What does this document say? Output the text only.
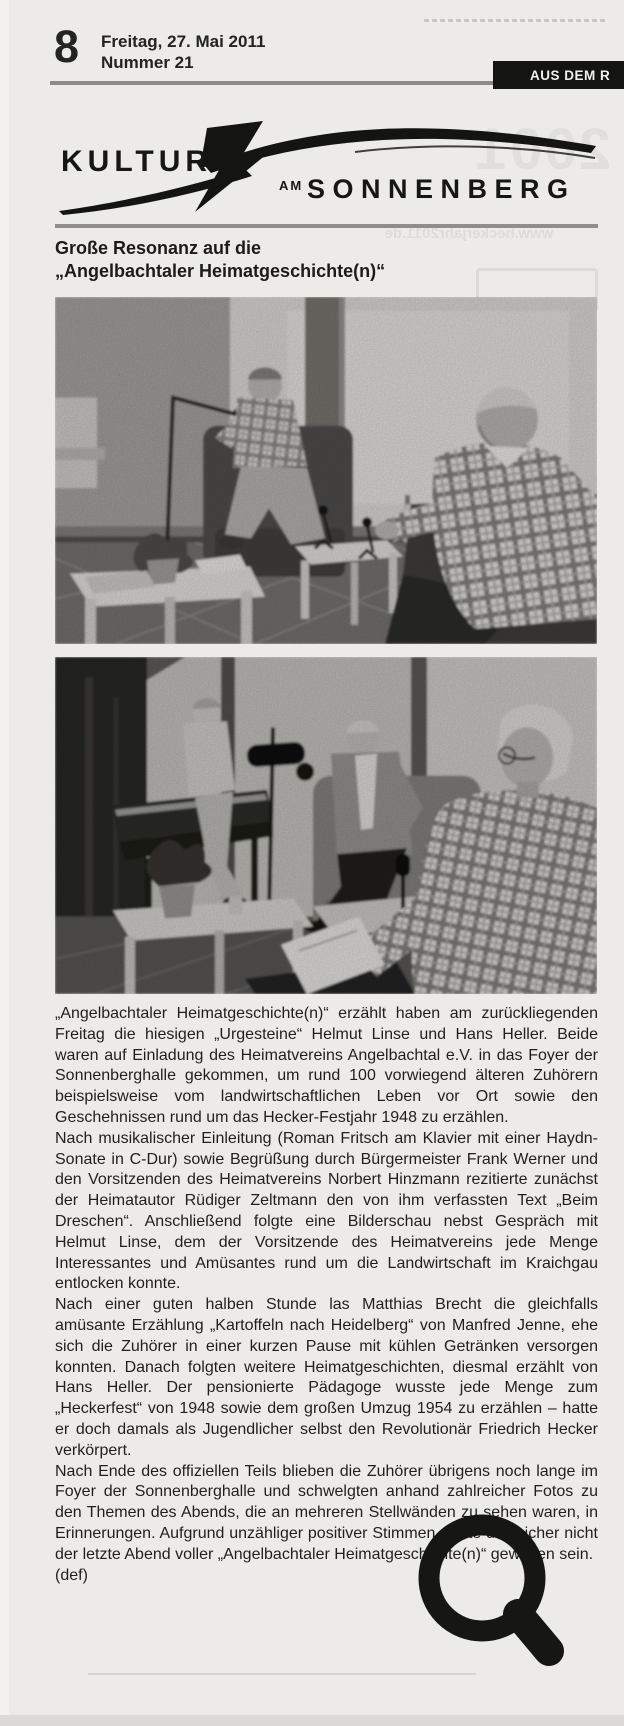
8 Freitag, 27. Mai 2011
Nummer 21
AUS DEM R
2001
www.heckerjahr2011.de
KULTUR
AM SONNENBERG
Große Resonanz auf die
„Angelbachtaler Heimatgeschichte(n)“

„Angelbachtaler Heimatgeschichte(n)“ erzählt haben am zurückliegenden Freitag die hiesigen „Urgesteine“ Helmut Linse und Hans Heller. Beide waren auf Einladung des Heimatvereins Angelbachtal e.V. in das Foyer der Sonnenberghalle gekommen, um rund 100 vorwiegend älteren Zuhörern beispielsweise vom landwirtschaftlichen Leben vor Ort sowie den Geschehnissen rund um das Hecker-Festjahr 1948 zu erzählen.

Nach musikalischer Einleitung (Roman Fritsch am Klavier mit einer Haydn-Sonate in C-Dur) sowie Begrüßung durch Bürgermeister Frank Werner und den Vorsitzenden des Heimatvereins Norbert Hinzmann rezitierte zunächst der Heimatautor Rüdiger Zeltmann den von ihm verfassten Text „Beim Dreschen“. Anschließend folgte eine Bilderschau nebst Gespräch mit Helmut Linse, dem der Vorsitzende des Heimatvereins jede Menge Interessantes und Amüsantes rund um die Landwirtschaft im Kraichgau entlocken konnte.

Nach einer guten halben Stunde las Matthias Brecht die gleichfalls amüsante Erzählung „Kartoffeln nach Heidelberg“ von Manfred Jenne, ehe sich die Zuhörer in einer kurzen Pause mit kühlen Getränken versorgen konnten. Danach folgten weitere Heimatgeschichten, diesmal erzählt von Hans Heller. Der pensionierte Pädagoge wusste jede Menge zum „Heckerfest“ von 1948 sowie dem großen Umzug 1954 zu erzählen – hatte er doch damals als Jugendlicher selbst den Revolutionär Friedrich Hecker verkörpert.

Nach Ende des offiziellen Teils blieben die Zuhörer übrigens noch lange im Foyer der Sonnenberghalle und schwelgten anhand zahlreicher Fotos zu den Themen des Abends, die an mehreren Stellwänden zu sehen waren, in Erinnerungen. Aufgrund unzähliger positiver Stimmen dürfte das sicher nicht der letzte Abend voller „Angelbachtaler Heimatgeschichte(n)“ gewesen sein.

(def)
